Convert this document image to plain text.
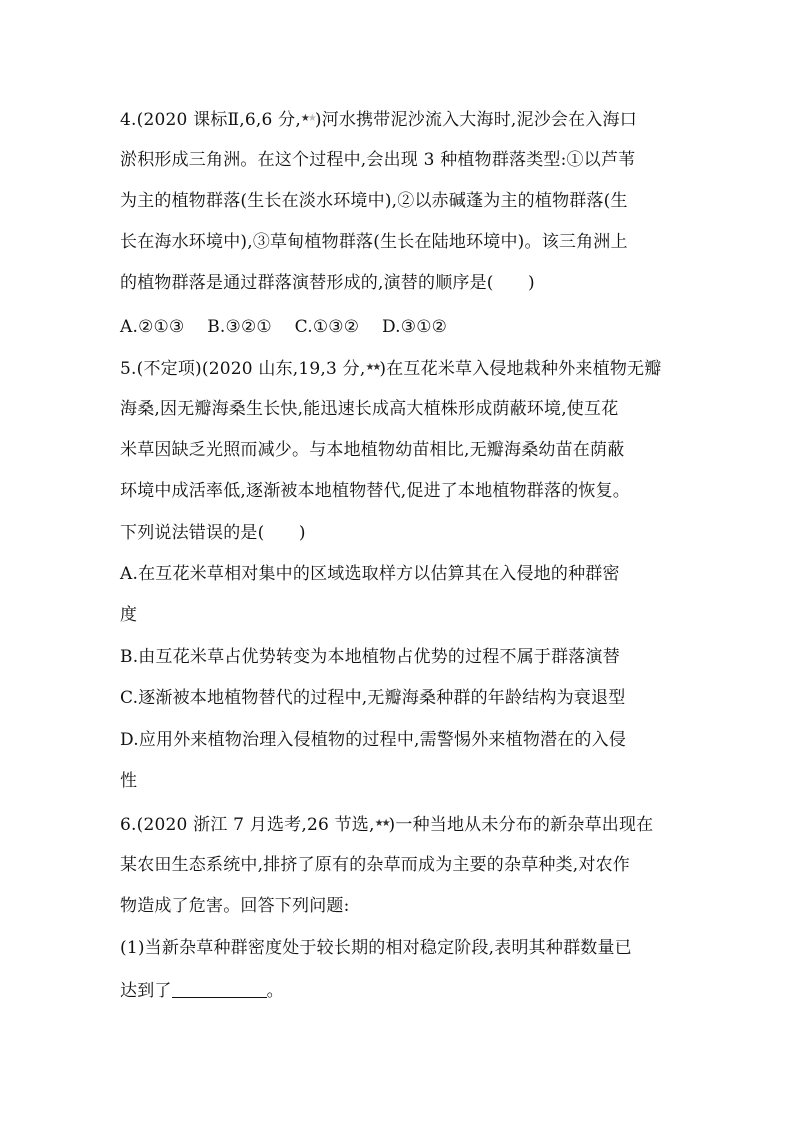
4.(2020 课标Ⅱ,6,6 分,★★)河水携带泥沙流入大海时,泥沙会在入海口
淤积形成三角洲。在这个过程中,会出现 3 种植物群落类型:①以芦苇
为主的植物群落(生长在淡水环境中),②以赤碱蓬为主的植物群落(生
长在海水环境中),③草甸植物群落(生长在陆地环境中)。该三角洲上
的植物群落是通过群落演替形成的,演替的顺序是(　　)
A.②①③　 B.③②①　 C.①③②　 D.③①②
5.(不定项)(2020 山东,19,3 分,★★)在互花米草入侵地栽种外来植物无瓣
海桑,因无瓣海桑生长快,能迅速长成高大植株形成荫蔽环境,使互花
米草因缺乏光照而减少。与本地植物幼苗相比,无瓣海桑幼苗在荫蔽
环境中成活率低,逐渐被本地植物替代,促进了本地植物群落的恢复。
下列说法错误的是(　　)
A.在互花米草相对集中的区域选取样方以估算其在入侵地的种群密
度
B.由互花米草占优势转变为本地植物占优势的过程不属于群落演替
C.逐渐被本地植物替代的过程中,无瓣海桑种群的年龄结构为衰退型
D.应用外来植物治理入侵植物的过程中,需警惕外来植物潜在的入侵
性
6.(2020 浙江 7 月选考,26 节选,★★)一种当地从未分布的新杂草出现在
某农田生态系统中,排挤了原有的杂草而成为主要的杂草种类,对农作
物造成了危害。回答下列问题:
(1)当新杂草种群密度处于较长期的相对稳定阶段,表明其种群数量已
达到了	。
